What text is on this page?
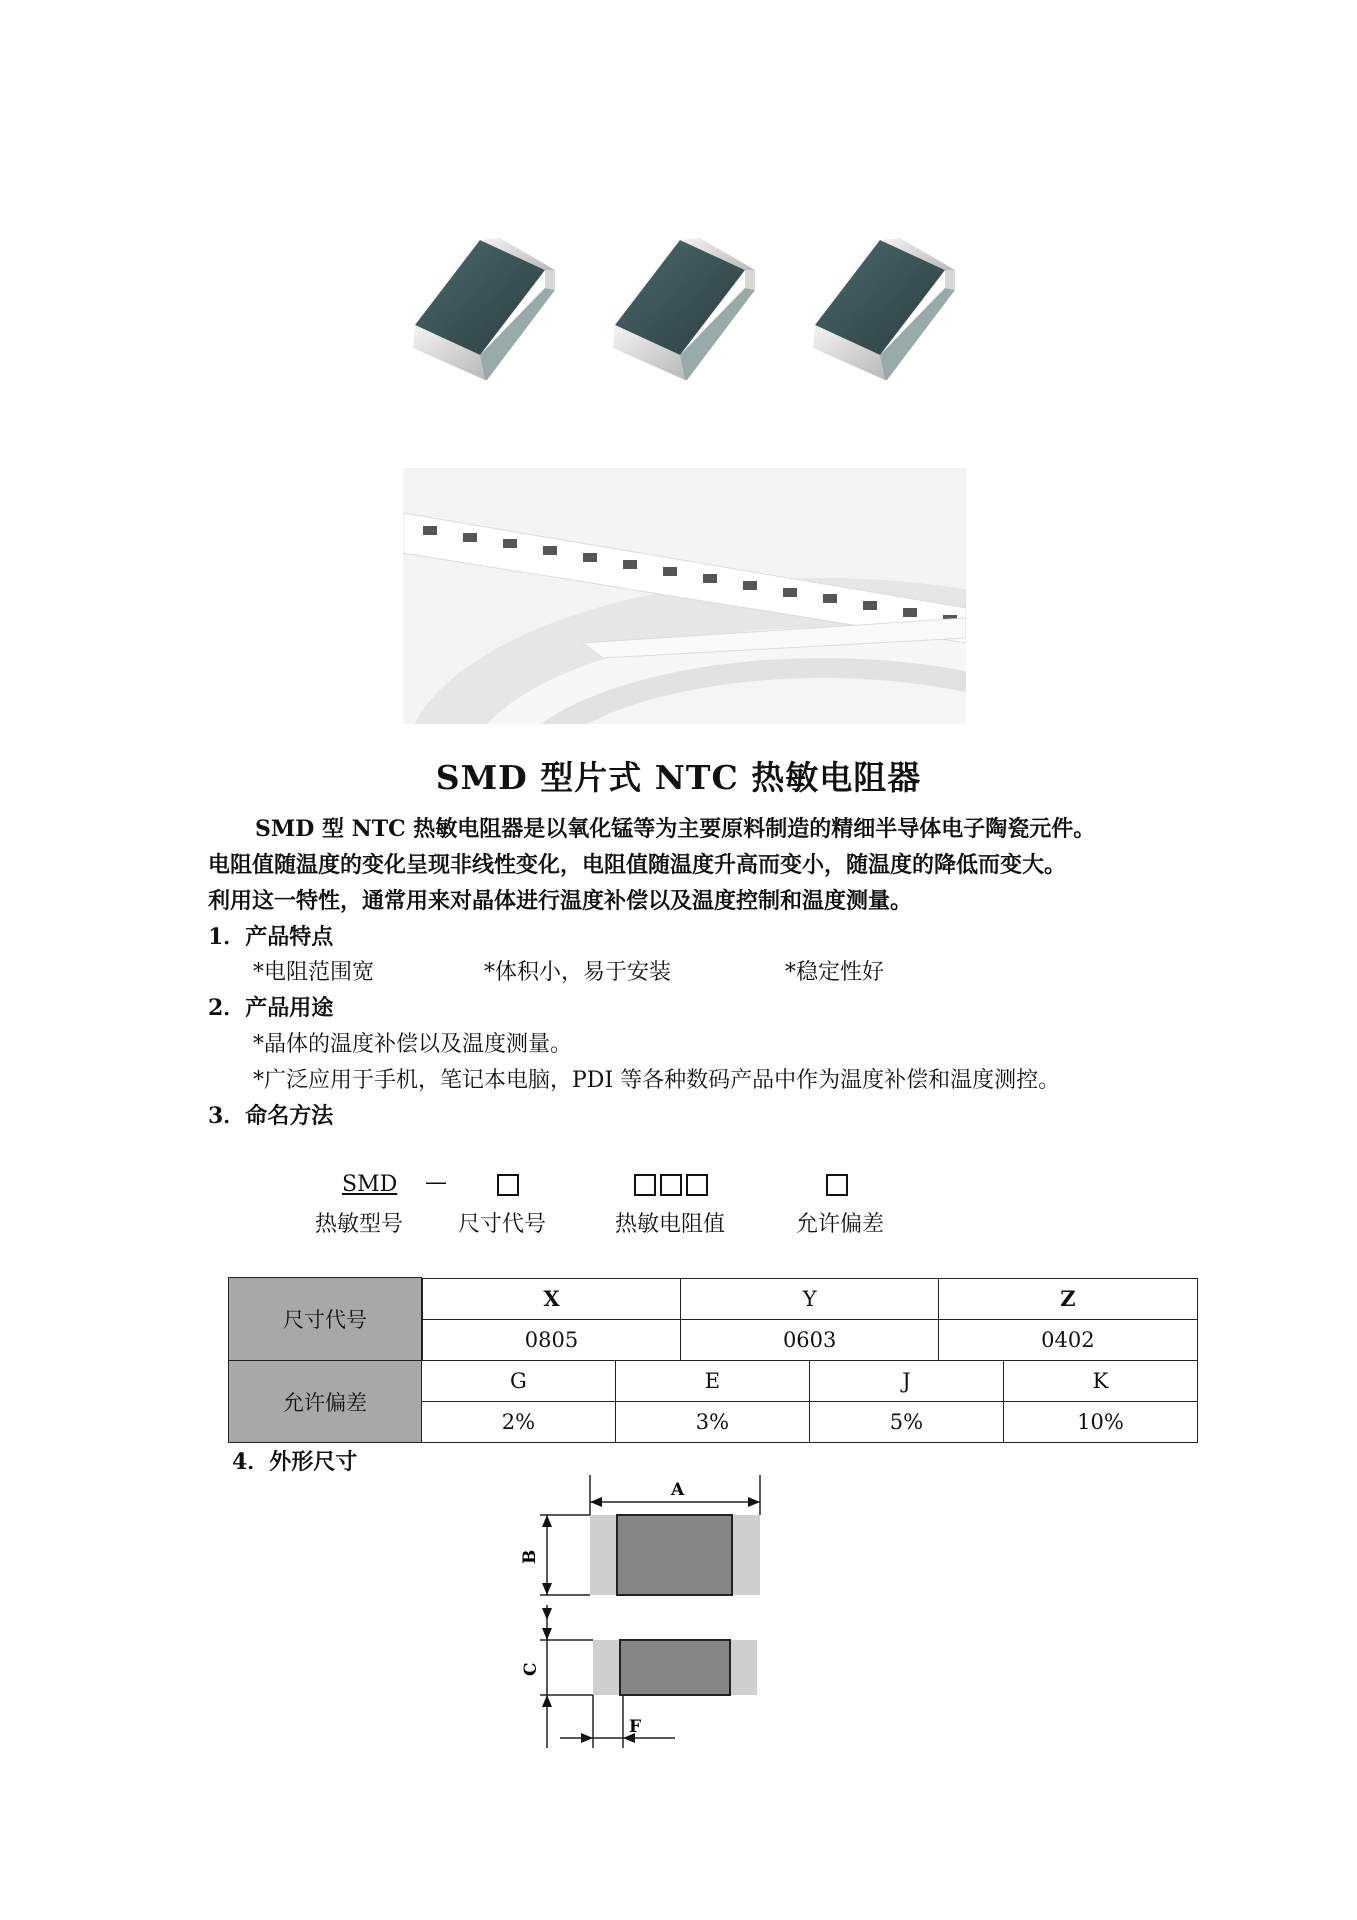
SMD 型片式 NTC 热敏电阻器
SMD 型 NTC 热敏电阻器是以氧化锰等为主要原料制造的精细半导体电子陶瓷元件。
电阻值随温度的变化呈现非线性变化，电阻值随温度升高而变小，随温度的降低而变大。
利用这一特性，通常用来对晶体进行温度补偿以及温度控制和温度测量。
1．产品特点
*电阻范围宽	*体积小，易于安装	*稳定性好
2．产品用途
*晶体的温度补偿以及温度测量。
*广泛应用于手机，笔记本电脑，PDI 等各种数码产品中作为温度补偿和温度测控。
3．命名方法
SMD —
热敏型号 尺寸代号	热敏电阻值	允许偏差
尺寸代号	
X	Y	Z
0805	0603	0402

允许偏差	G	E	J	K
2%	3%	5%	10%
4．外形尺寸
A
B
C
F
